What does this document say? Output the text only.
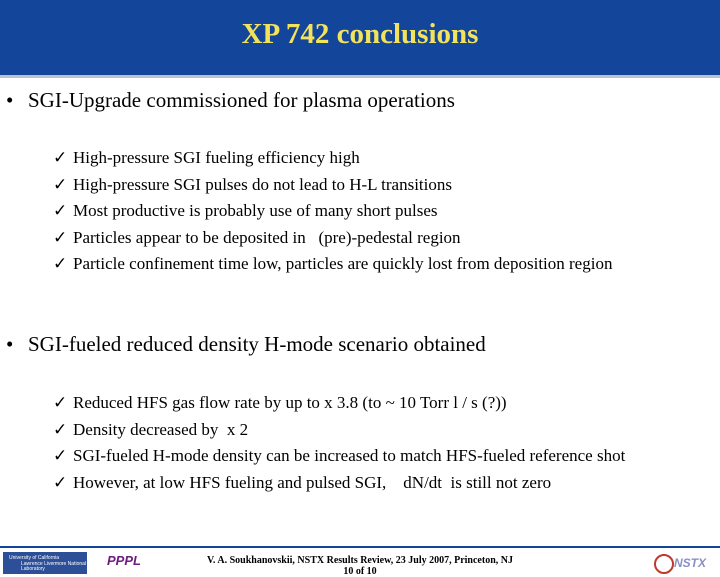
XP 742 conclusions
• SGI-Upgrade commissioned for plasma operations
✓ High-pressure SGI fueling efficiency high
✓ High-pressure SGI pulses do not lead to H-L transitions
✓ Most productive is probably use of many short pulses
✓ Particles appear to be deposited in   (pre)-pedestal region
✓ Particle confinement time low, particles are quickly lost from deposition region
• SGI-fueled reduced density H-mode scenario obtained
✓ Reduced HFS gas flow rate by up to x 3.8 (to ~ 10 Torr l / s (?))
✓ Density decreased by  x 2
✓ SGI-fueled H-mode density can be increased to match HFS-fueled reference shot
✓ However, at low HFS fueling and pulsed SGI,    dN/dt  is still not zero
University of California
Lawrence Livermore National Laboratory
PPPL	V. A. Soukhanovskii, NSTX Results Review, 23 July 2007, Princeton, NJ
10 of 10
NSTX
